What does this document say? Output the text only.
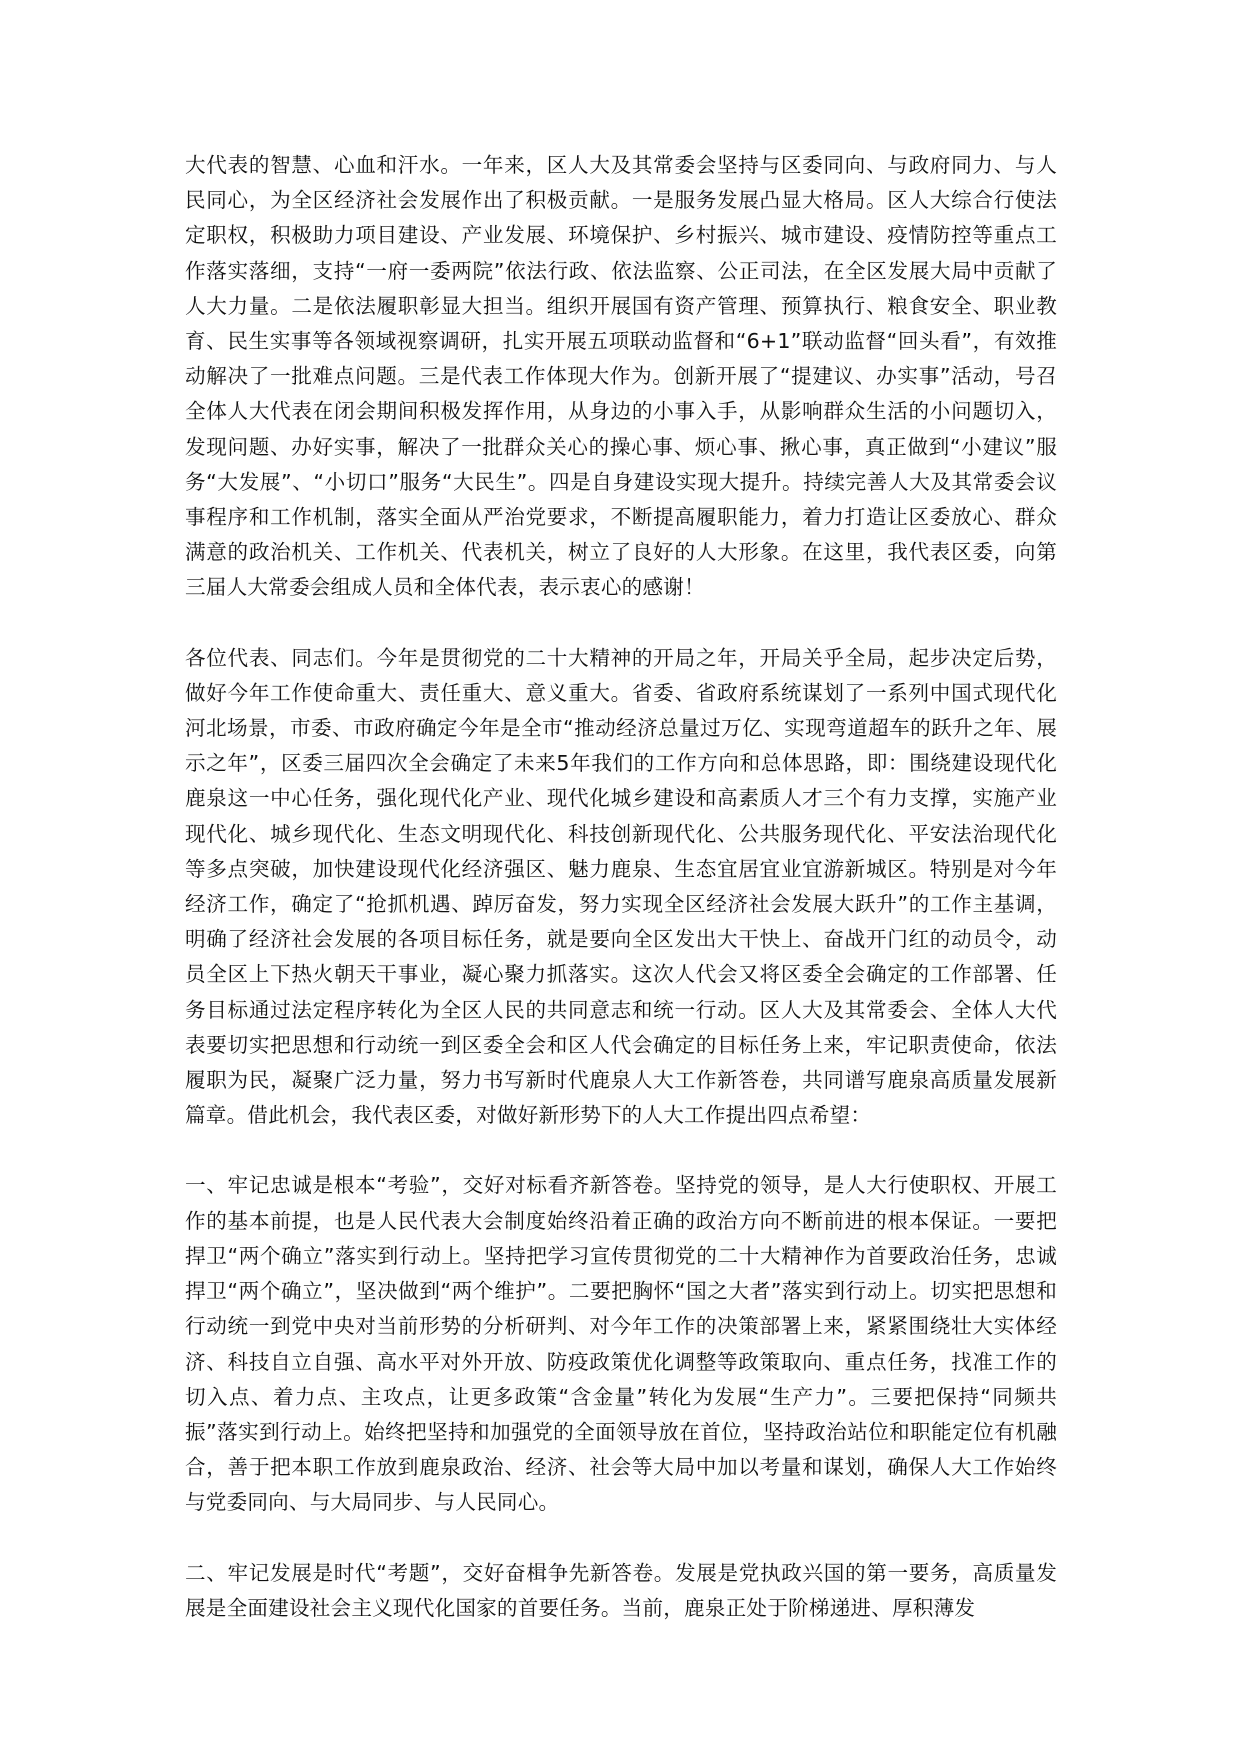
大代表的智慧、心血和汗水。一年来，区人大及其常委会坚持与区委同向、与政府同力、与人民同心，为全区经济社会发展作出了积极贡献。一是服务发展凸显大格局。区人大综合行使法定职权，积极助力项目建设、产业发展、环境保护、乡村振兴、城市建设、疫情防控等重点工作落实落细，支持“一府一委两院”依法行政、依法监察、公正司法，在全区发展大局中贡献了人大力量。二是依法履职彰显大担当。组织开展国有资产管理、预算执行、粮食安全、职业教育、民生实事等各领域视察调研，扎实开展五项联动监督和“6+1”联动监督“回头看”，有效推动解决了一批难点问题。三是代表工作体现大作为。创新开展了“提建议、办实事”活动，号召全体人大代表在闭会期间积极发挥作用，从身边的小事入手，从影响群众生活的小问题切入，发现问题、办好实事，解决了一批群众关心的操心事、烦心事、揪心事，真正做到“小建议”服务“大发展”、“小切口”服务“大民生”。四是自身建设实现大提升。持续完善人大及其常委会议事程序和工作机制，落实全面从严治党要求，不断提高履职能力，着力打造让区委放心、群众满意的政治机关、工作机关、代表机关，树立了良好的人大形象。在这里，我代表区委，向第三届人大常委会组成人员和全体代表，表示衷心的感谢！

各位代表、同志们。今年是贯彻党的二十大精神的开局之年，开局关乎全局，起步决定后势，做好今年工作使命重大、责任重大、意义重大。省委、省政府系统谋划了一系列中国式现代化河北场景，市委、市政府确定今年是全市“推动经济总量过万亿、实现弯道超车的跃升之年、展示之年”，区委三届四次全会确定了未来5年我们的工作方向和总体思路，即：围绕建设现代化鹿泉这一中心任务，强化现代化产业、现代化城乡建设和高素质人才三个有力支撑，实施产业现代化、城乡现代化、生态文明现代化、科技创新现代化、公共服务现代化、平安法治现代化等多点突破，加快建设现代化经济强区、魅力鹿泉、生态宜居宜业宜游新城区。特别是对今年经济工作，确定了“抢抓机遇、踔厉奋发，努力实现全区经济社会发展大跃升”的工作主基调，明确了经济社会发展的各项目标任务，就是要向全区发出大干快上、奋战开门红的动员令，动员全区上下热火朝天干事业，凝心聚力抓落实。这次人代会又将区委全会确定的工作部署、任务目标通过法定程序转化为全区人民的共同意志和统一行动。区人大及其常委会、全体人大代表要切实把思想和行动统一到区委全会和区人代会确定的目标任务上来，牢记职责使命，依法履职为民，凝聚广泛力量，努力书写新时代鹿泉人大工作新答卷，共同谱写鹿泉高质量发展新篇章。借此机会，我代表区委，对做好新形势下的人大工作提出四点希望：

一、牢记忠诚是根本“考验”，交好对标看齐新答卷。坚持党的领导，是人大行使职权、开展工作的基本前提，也是人民代表大会制度始终沿着正确的政治方向不断前进的根本保证。一要把捍卫“两个确立”落实到行动上。坚持把学习宣传贯彻党的二十大精神作为首要政治任务，忠诚捍卫“两个确立”，坚决做到“两个维护”。二要把胸怀“国之大者”落实到行动上。切实把思想和行动统一到党中央对当前形势的分析研判、对今年工作的决策部署上来，紧紧围绕壮大实体经济、科技自立自强、高水平对外开放、防疫政策优化调整等政策取向、重点任务，找准工作的切入点、着力点、主攻点，让更多政策“含金量”转化为发展“生产力”。三要把保持“同频共振”落实到行动上。始终把坚持和加强党的全面领导放在首位，坚持政治站位和职能定位有机融合，善于把本职工作放到鹿泉政治、经济、社会等大局中加以考量和谋划，确保人大工作始终与党委同向、与大局同步、与人民同心。

二、牢记发展是时代“考题”，交好奋楫争先新答卷。发展是党执政兴国的第一要务，高质量发展是全面建设社会主义现代化国家的首要任务。当前，鹿泉正处于阶梯递进、厚积薄发
